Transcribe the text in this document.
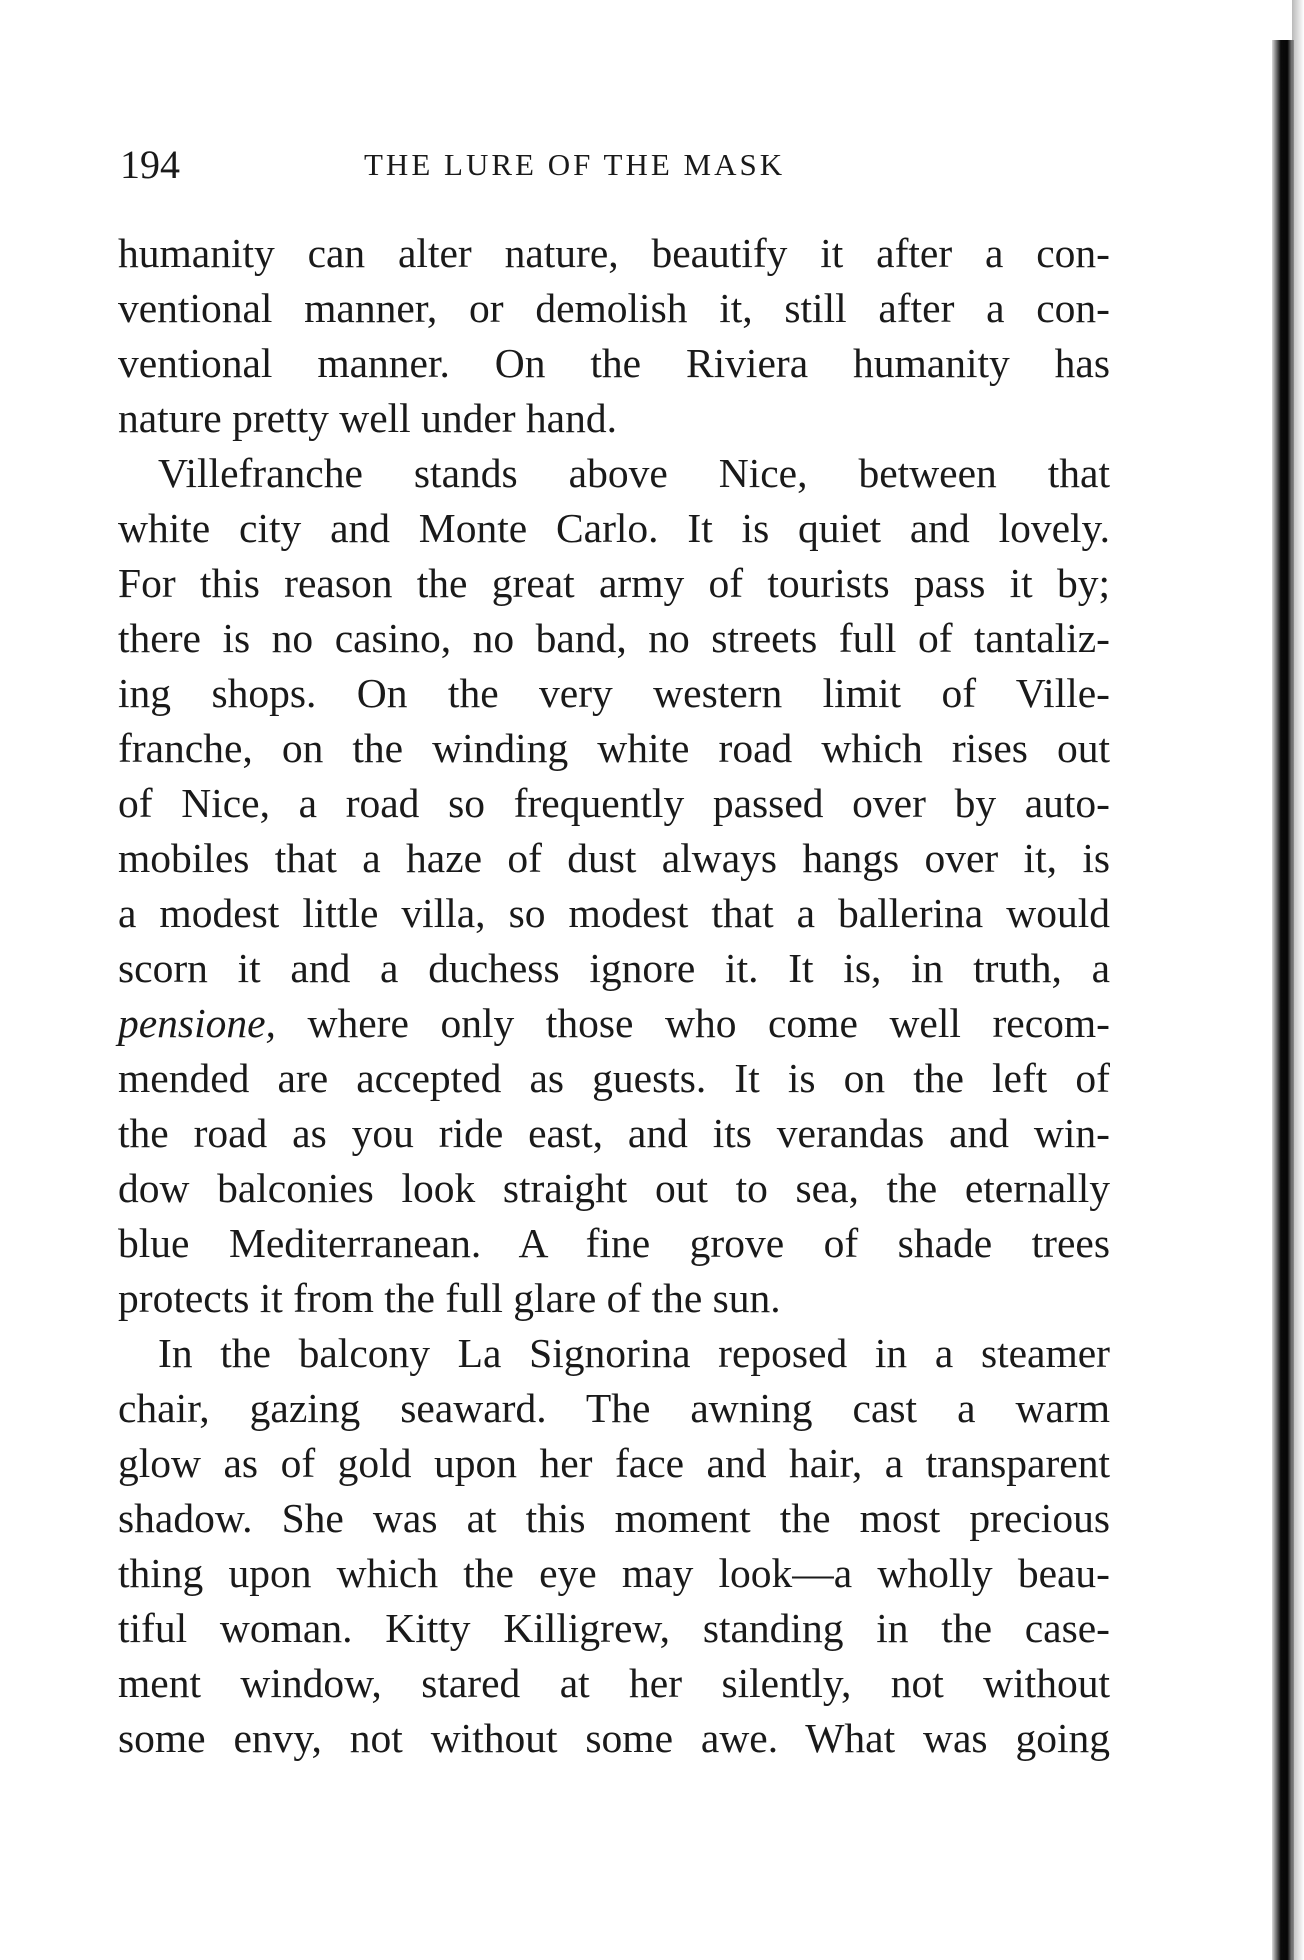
194	THE LURE OF THE MASK
humanity can alter nature, beautify it after a con-
ventional manner, or demolish it, still after a con-
ventional manner. On the Riviera humanity has
nature pretty well under hand.
Villefranche stands above Nice, between that
white city and Monte Carlo. It is quiet and lovely.
For this reason the great army of tourists pass it by;
there is no casino, no band, no streets full of tantaliz-
ing shops. On the very western limit of Ville-
franche, on the winding white road which rises out
of Nice, a road so frequently passed over by auto-
mobiles that a haze of dust always hangs over it, is
a modest little villa, so modest that a ballerina would
scorn it and a duchess ignore it. It is, in truth, a
pensione, where only those who come well recom-
mended are accepted as guests. It is on the left of
the road as you ride east, and its verandas and win-
dow balconies look straight out to sea, the eternally
blue Mediterranean. A fine grove of shade trees
protects it from the full glare of the sun.
In the balcony La Signorina reposed in a steamer
chair, gazing seaward. The awning cast a warm
glow as of gold upon her face and hair, a transparent
shadow. She was at this moment the most precious
thing upon which the eye may look—a wholly beau-
tiful woman. Kitty Killigrew, standing in the case-
ment window, stared at her silently, not without
some envy, not without some awe. What was going
